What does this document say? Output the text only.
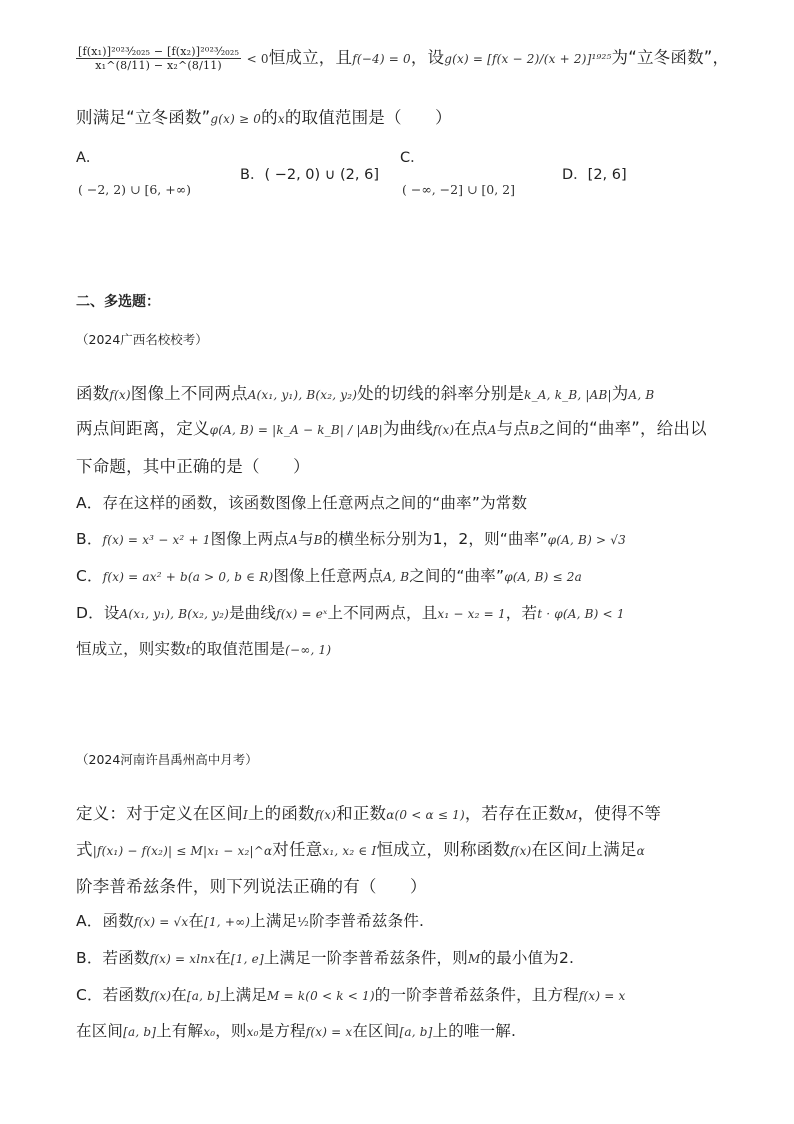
$\frac{\text{[f(x₁)]²⁰²³⁄₂₀₂₅ − [f(x₂)]²⁰²³⁄₂₀₂₅}}{\text{x₁\textasciicircum{}(8/11) − x₂\textasciicircum{}(8/11)}} < 0$恒成立，且f(−4) = 0，设g(x) = [f(x − 2)/(x + 2)]¹⁹²⁵为“立冬函数”，
则满足“立冬函数”g(x) ≥ 0的x的取值范围是（　　）
A．
( −2, 2) ∪ [6, +∞)
B．( −2, 0) ∪ (2, 6]
C．
( −∞, −2] ∪ [0, 2]
D．[2, 6]
二、多选题：
（2024广西名校校考）
函数f(x)图像上不同两点A(x₁, y₁), B(x₂, y₂)处的切线的斜率分别是k_A, k_B, |AB|为A, B
两点间距离，定义φ(A, B) = |k_A − k_B| / |AB|为曲线f(x)在点A与点B之间的“曲率”，给出以
下命题，其中正确的是（　　）
A．存在这样的函数，该函数图像上任意两点之间的“曲率”为常数
B．f(x) = x³ − x² + 1图像上两点A与B的横坐标分别为1，2，则“曲率”φ(A, B) > √3
C．f(x) = ax² + b(a > 0, b ∈ R)图像上任意两点A, B之间的“曲率”φ(A, B) ≤ 2a
D．设A(x₁, y₁), B(x₂, y₂)是曲线f(x) = eˣ上不同两点，且x₁ − x₂ = 1，若t · φ(A, B) < 1
恒成立，则实数t的取值范围是(−∞, 1)
（2024河南许昌禹州高中月考）
定义：对于定义在区间I上的函数f(x)和正数α(0 < α ≤ 1)，若存在正数M，使得不等
式|f(x₁) − f(x₂)| ≤ M|x₁ − x₂|^α对任意x₁, x₂ ∈ I恒成立，则称函数f(x)在区间I上满足α
阶李普希兹条件，则下列说法正确的有（　　）
A．函数f(x) = √x在[1, +∞)上满足½阶李普希兹条件.
B．若函数f(x) = xlnx在[1, e]上满足一阶李普希兹条件，则M的最小值为2.
C．若函数f(x)在[a, b]上满足M = k(0 < k < 1)的一阶李普希兹条件，且方程f(x) = x
在区间[a, b]上有解x₀，则x₀是方程f(x) = x在区间[a, b]上的唯一解.
